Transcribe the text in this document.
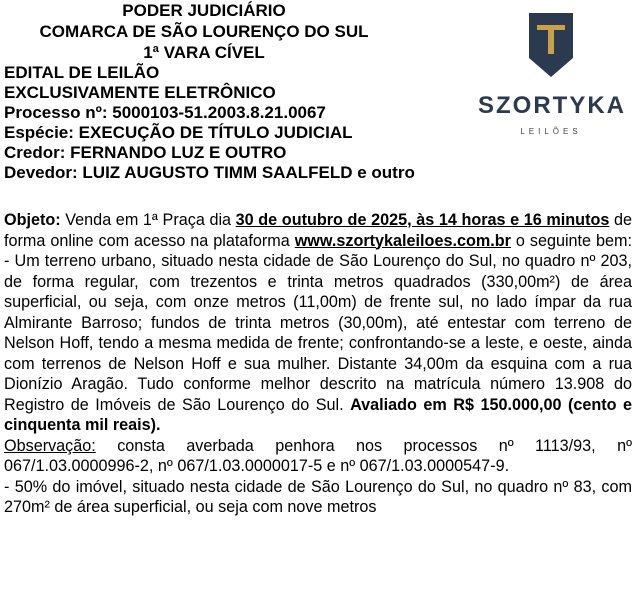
PODER JUDICIÁRIO
COMARCA DE SÃO LOURENÇO DO SUL
1ª VARA CÍVEL
EDITAL DE LEILÃO
EXCLUSIVAMENTE ELETRÔNICO
Processo nº: 5000103-51.2003.8.21.0067
Espécie: EXECUÇÃO DE TÍTULO JUDICIAL
Credor: FERNANDO LUZ E OUTRO
Devedor: LUIZ AUGUSTO TIMM SAALFELD e outro
SZORTYKA
LEILÕES

Objeto: Venda em 1ª Praça dia 30 de outubro de 2025, às 14 horas e 16 minutos de forma online com acesso na plataforma www.szortykaleiloes.com.br o seguinte bem: - Um terreno urbano, situado nesta cidade de São Lourenço do Sul, no quadro nº 203, de forma regular, com trezentos e trinta metros quadrados (330,00m²) de área superficial, ou seja, com onze metros (11,00m) de frente sul, no lado ímpar da rua Almirante Barroso; fundos de trinta metros (30,00m), até entestar com terreno de Nelson Hoff, tendo a mesma medida de frente; confrontando-se a leste, e oeste, ainda com terrenos de Nelson Hoff e sua mulher. Distante 34,00m da esquina com a rua Dionízio Aragão. Tudo conforme melhor descrito na matrícula número 13.908 do Registro de Imóveis de São Lourenço do Sul. Avaliado em R$ 150.000,00 (cento e cinquenta mil reais).

Observação: consta averbada penhora nos processos nº 1113/93, nº 067/1.03.0000996-2, nº 067/1.03.0000017-5 e nº 067/1.03.0000547-9.

- 50% do imóvel, situado nesta cidade de São Lourenço do Sul, no quadro nº 83, com 270m² de área superficial, ou seja com nove metros
